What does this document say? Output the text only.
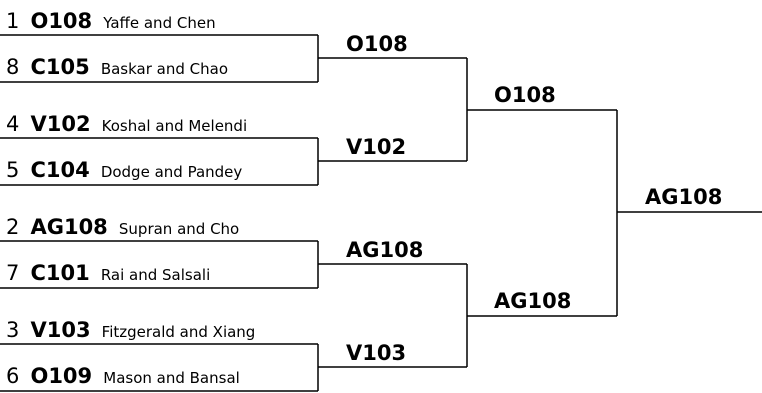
1 O108 Yaffe and Chen
8 C105 Baskar and Chao
4 V102 Koshal and Melendi
5 C104 Dodge and Pandey
2 AG108 Supran and Cho
7 C101 Rai and Salsali
3 V103 Fitzgerald and Xiang
6 O109 Mason and Bansal
O108
V102
AG108
V103
O108
AG108
AG108
